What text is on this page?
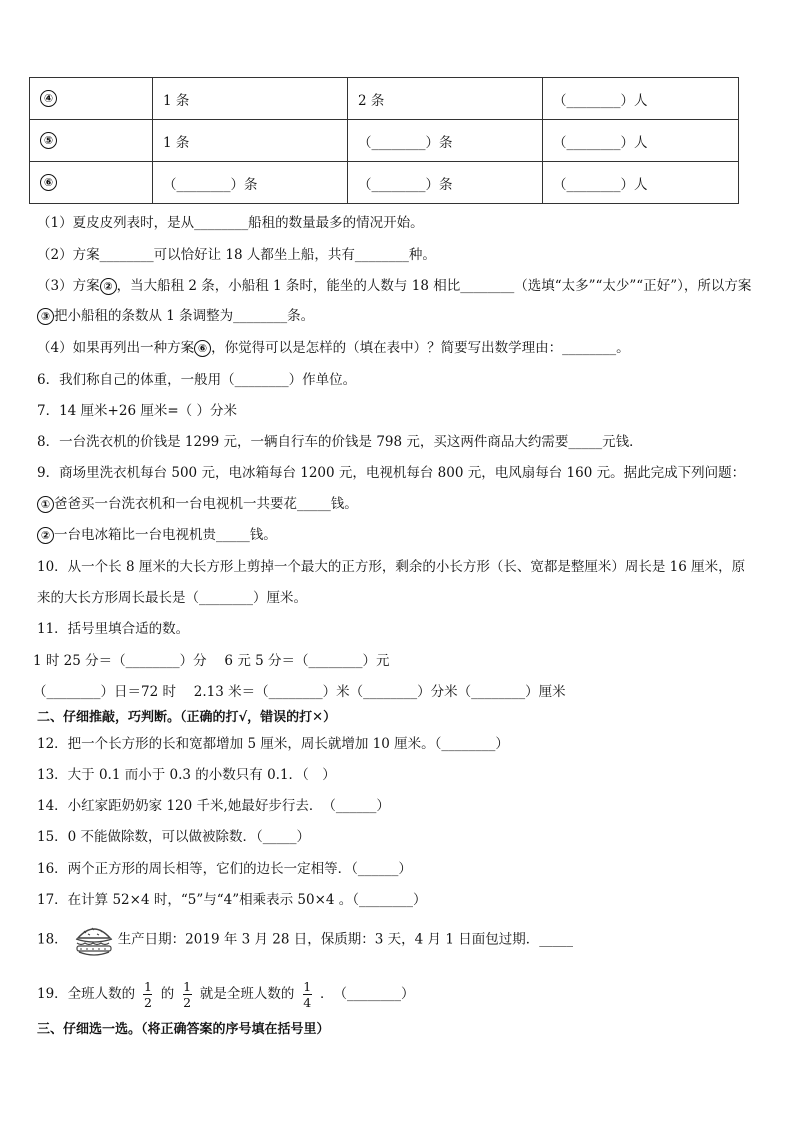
④	1 条	2 条	（________）人
⑤	1 条	（________）条	（________）人
⑥	（________）条	（________）条	（________）人
（1）夏皮皮列表时，是从________船租的数量最多的情况开始。
（2）方案________可以恰好让 18 人都坐上船，共有________种。
（3）方案 ② ，当大船租 2 条，小船租 1 条时，能坐的人数与 18 相比________（选填“太多”“太少”“正好”），所以方案
③ 把小船租的条数从 1 条调整为________条。
（4）如果再列出一种方案 ⑥ ，你觉得可以是怎样的（填在表中）？简要写出数学理由：________。
6．我们称自己的体重，一般用（________）作单位。
7．14 厘米+26 厘米=（ ）分米
8．一台洗衣机的价钱是 1299 元，一辆自行车的价钱是 798 元，买这两件商品大约需要_____元钱．
9．商场里洗衣机每台 500 元，电冰箱每台 1200 元，电视机每台 800 元，电风扇每台 160 元。据此完成下列问题：
① 爸爸买一台洗衣机和一台电视机一共要花_____钱。
② 一台电冰箱比一台电视机贵_____钱。
10．从一个长 8 厘米的大长方形上剪掉一个最大的正方形，剩余的小长方形（长、宽都是整厘米）周长是 16 厘米，原
来的大长方形周长最长是（________）厘米。
11．括号里填合适的数。
1 时 25 分＝（________）分　 6 元 5 分＝（________）元
（________）日＝72 时　 2.13 米＝（________）米（________）分米（________）厘米
二、仔细推敲，巧判断。（正确的打√，错误的打✕）
12．把一个长方形的长和宽都增加 5 厘米，周长就增加 10 厘米。（________）
13．大于 0.1 而小于 0.3 的小数只有 0.1．（　）
14．小红家距奶奶家 120 千米,她最好步行去．　（______）
15．0 不能做除数，可以做被除数．（_____）
16．两个正方形的周长相等，它们的边长一定相等．（______）
17．在计算 52×4 时，“5”与“4”相乘表示 50×4 。（________）
18．	生产日期：2019 年 3 月 28 日，保质期：3 天，4 月 1 日面包过期．_____
19．全班人数的 $\frac{1}{2}$ 的 $\frac{1}{2}$ 就是全班人数的 $\frac{1}{4}$ ．　（________）
三、仔细选一选。（将正确答案的序号填在括号里）
